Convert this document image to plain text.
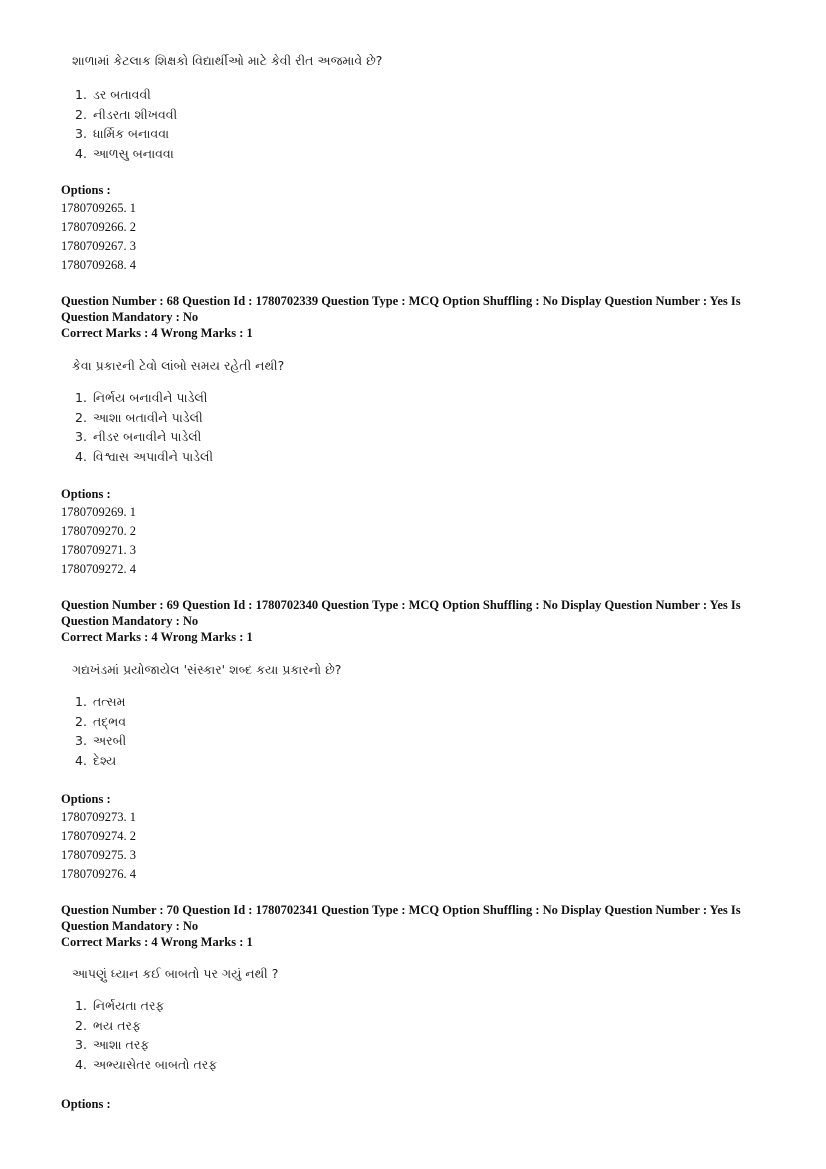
શાળામાં કેટલાક શિક્ષકો વિદ્યાર્થીઓ માટે કેવી રીત અજમાવે છે?
1. ડર બતાવવી
2. નીડરતા શીખવવી
3. ધાર્મિક બનાવવા
4. આળસુ બનાવવા
Options :
1780709265. 1
1780709266. 2
1780709267. 3
1780709268. 4
Question Number : 68 Question Id : 1780702339 Question Type : MCQ Option Shuffling : No Display Question Number : Yes Is
Question Mandatory : No
Correct Marks : 4 Wrong Marks : 1
કેવા પ્રકારની ટેવો લાંબો સમય રહેતી નથી?
1. નિર્ભય બનાવીને પાડેલી
2. આશા બતાવીને પાડેલી
3. નીડર બનાવીને પાડેલી
4. વિશ્વાસ અપાવીને પાડેલી
Options :
1780709269. 1
1780709270. 2
1780709271. 3
1780709272. 4
Question Number : 69 Question Id : 1780702340 Question Type : MCQ Option Shuffling : No Display Question Number : Yes Is
Question Mandatory : No
Correct Marks : 4 Wrong Marks : 1
ગદ્યખંડમાં પ્રયોજાયેલ 'સંસ્કાર' શબ્દ કયા પ્રકારનો છે?
1. તત્સમ
2. તદ્‌ભવ
3. અરબી
4. દેશ્ય
Options :
1780709273. 1
1780709274. 2
1780709275. 3
1780709276. 4
Question Number : 70 Question Id : 1780702341 Question Type : MCQ Option Shuffling : No Display Question Number : Yes Is
Question Mandatory : No
Correct Marks : 4 Wrong Marks : 1
આપણું ધ્યાન કઈ બાબતો પર ગયું નથી ?
1. નિર્ભયતા તરફ
2. ભય તરફ
3. આશા તરફ
4. અભ્યાસેતર બાબતો તરફ
Options :
